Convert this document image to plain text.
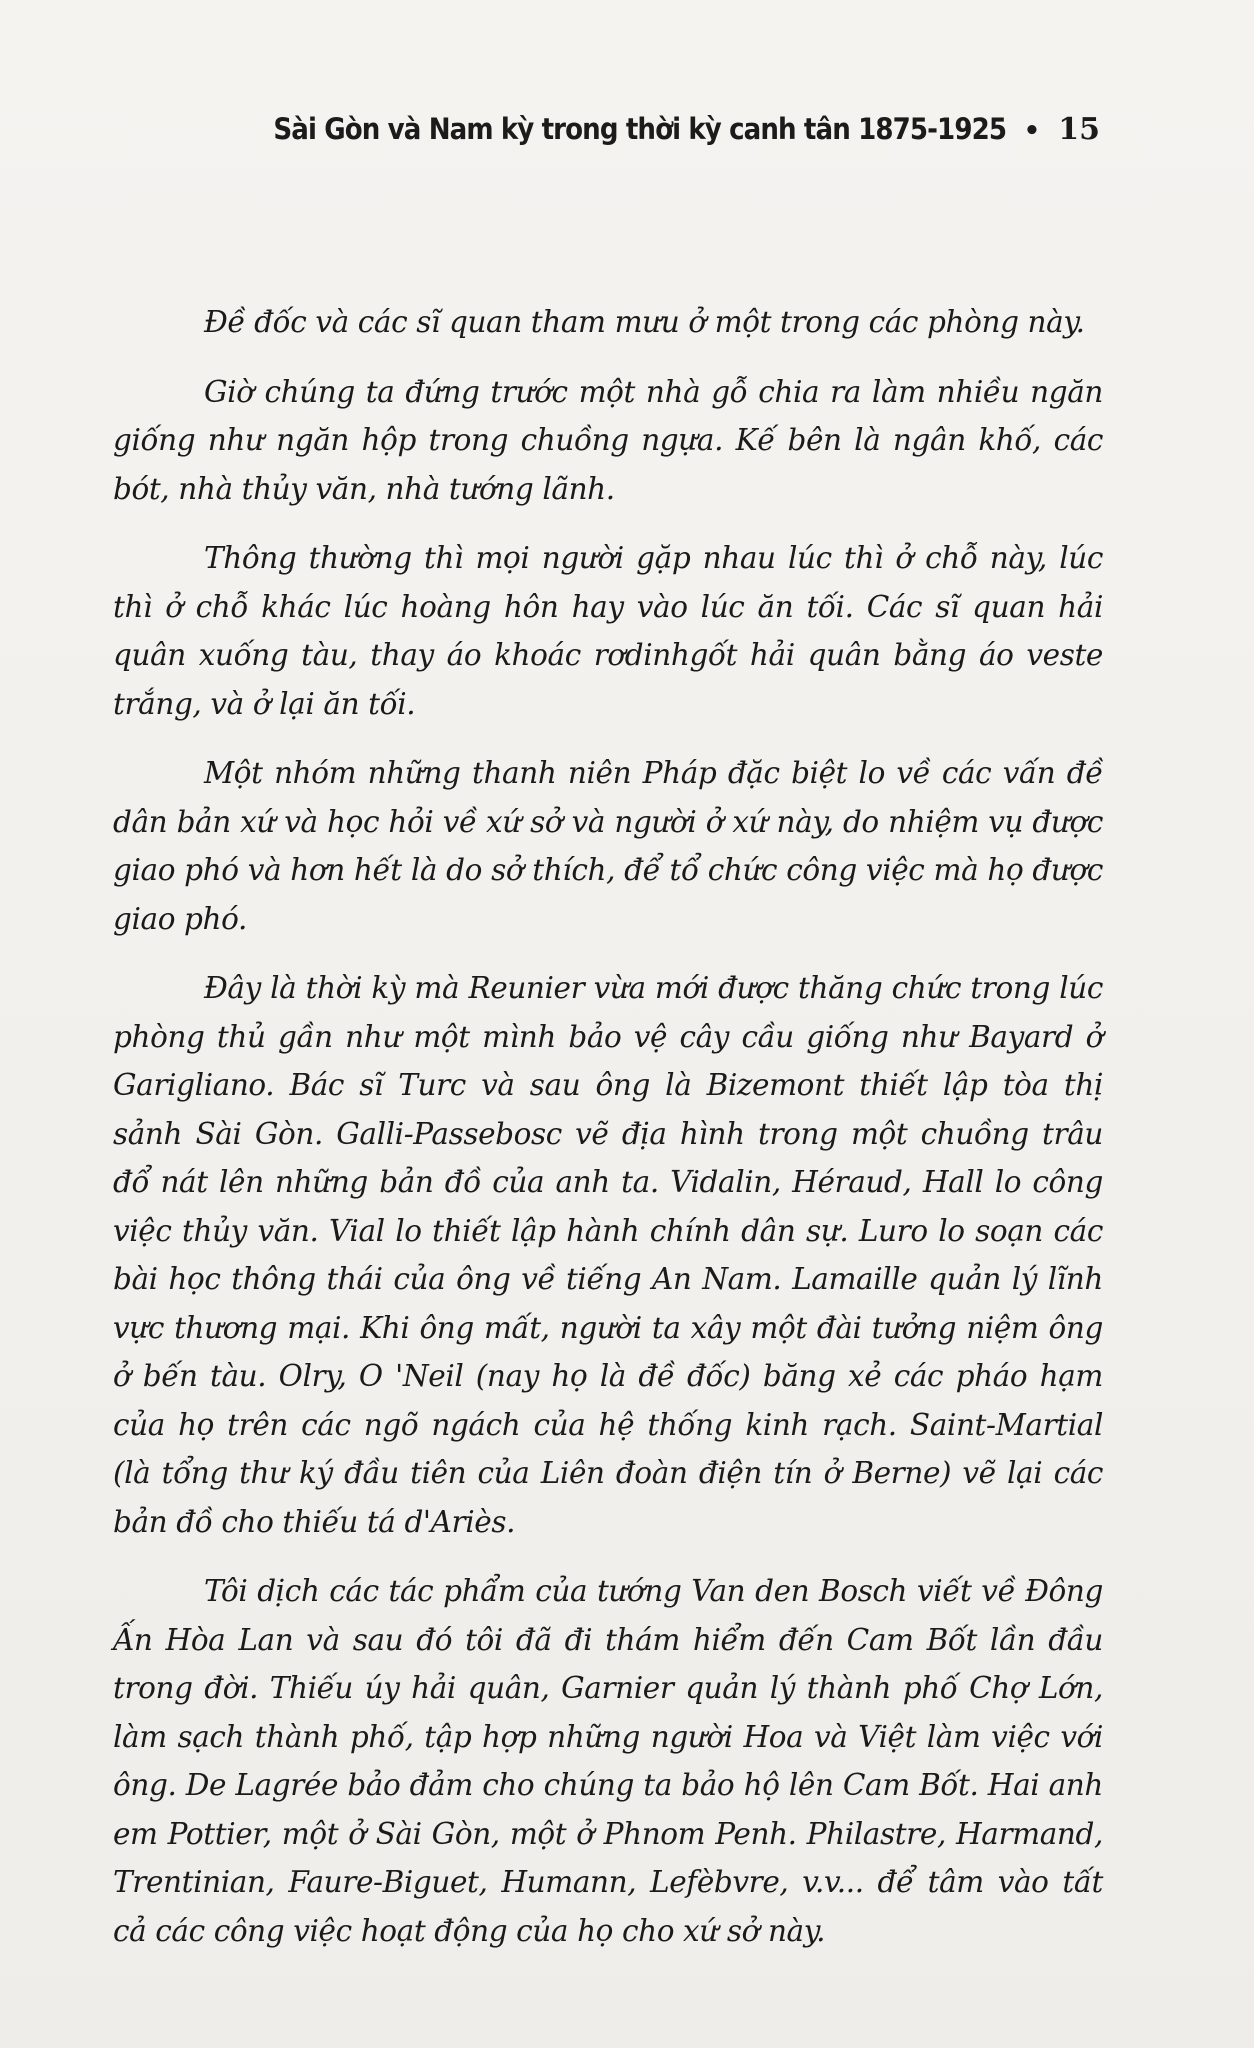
Sài Gòn và Nam kỳ trong thời kỳ canh tân 1875-1925 • 15

Đề đốc và các sĩ quan tham mưu ở một trong các phòng này.

Giờ chúng ta đứng trước một nhà gỗ chia ra làm nhiều ngăn giống như ngăn hộp trong chuồng ngựa. Kế bên là ngân khố, các bót, nhà thủy văn, nhà tướng lãnh.

Thông thường thì mọi người gặp nhau lúc thì ở chỗ này, lúc thì ở chỗ khác lúc hoàng hôn hay vào lúc ăn tối. Các sĩ quan hải quân xuống tàu, thay áo khoác rơdinhgốt hải quân bằng áo veste trắng, và ở lại ăn tối.

Một nhóm những thanh niên Pháp đặc biệt lo về các vấn đề dân bản xứ và học hỏi về xứ sở và người ở xứ này, do nhiệm vụ được giao phó và hơn hết là do sở thích, để tổ chức công việc mà họ được giao phó.

Đây là thời kỳ mà Reunier vừa mới được thăng chức trong lúc phòng thủ gần như một mình bảo vệ cây cầu giống như Bayard ở Garigliano. Bác sĩ Turc và sau ông là Bizemont thiết lập tòa thị sảnh Sài Gòn. Galli-Passebosc vẽ địa hình trong một chuồng trâu đổ nát lên những bản đồ của anh ta. Vidalin, Héraud, Hall lo công việc thủy văn. Vial lo thiết lập hành chính dân sự. Luro lo soạn các bài học thông thái của ông về tiếng An Nam. Lamaille quản lý lĩnh vực thương mại. Khi ông mất, người ta xây một đài tưởng niệm ông ở bến tàu. Olry, O 'Neil (nay họ là đề đốc) băng xẻ các pháo hạm của họ trên các ngõ ngách của hệ thống kinh rạch. Saint-Martial (là tổng thư ký đầu tiên của Liên đoàn điện tín ở Berne) vẽ lại các bản đồ cho thiếu tá d'Ariès.

Tôi dịch các tác phẩm của tướng Van den Bosch viết về Đông Ấn Hòa Lan và sau đó tôi đã đi thám hiểm đến Cam Bốt lần đầu trong đời. Thiếu úy hải quân, Garnier quản lý thành phố Chợ Lớn, làm sạch thành phố, tập hợp những người Hoa và Việt làm việc với ông. De Lagrée bảo đảm cho chúng ta bảo hộ lên Cam Bốt. Hai anh em Pottier, một ở Sài Gòn, một ở Phnom Penh. Philastre, Harmand, Trentinian, Faure-Biguet, Humann, Lefèbvre, v.v... để tâm vào tất cả các công việc hoạt động của họ cho xứ sở này.
